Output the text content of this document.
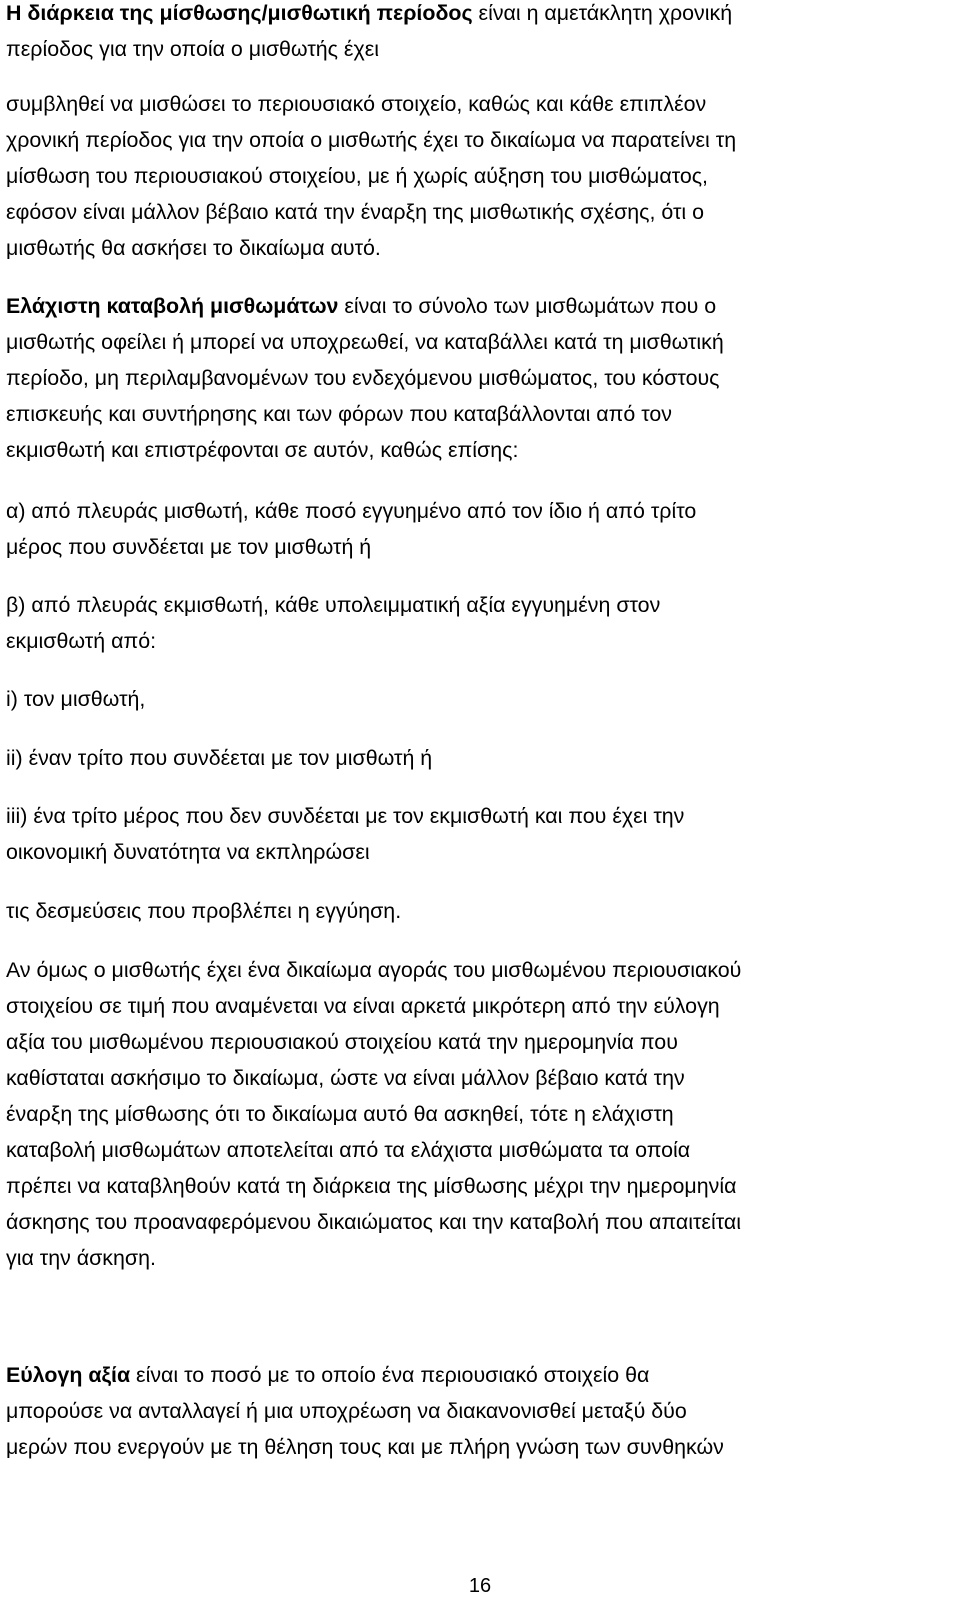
Η διάρκεια της μίσθωσης/μισθωτική περίοδος είναι η αμετάκλητη χρονική
περίοδος για την οποία ο μισθωτής έχει
συμβληθεί να μισθώσει το περιουσιακό στοιχείο, καθώς και κάθε επιπλέον
χρονική περίοδος για την οποία ο μισθωτής έχει το δικαίωμα να παρατείνει τη
μίσθωση του περιουσιακού στοιχείου, με ή χωρίς αύξηση του μισθώματος,
εφόσον είναι μάλλον βέβαιο κατά την έναρξη της μισθωτικής σχέσης, ότι ο
μισθωτής θα ασκήσει το δικαίωμα αυτό.

Ελάχιστη καταβολή μισθωμάτων είναι το σύνολο των μισθωμάτων που ο
μισθωτής οφείλει ή μπορεί να υποχρεωθεί, να καταβάλλει κατά τη μισθωτική
περίοδο, μη περιλαμβανομένων του ενδεχόμενου μισθώματος, του κόστους
επισκευής και συντήρησης και των φόρων που καταβάλλονται από τον
εκμισθωτή και επιστρέφονται σε αυτόν, καθώς επίσης:

α) από πλευράς μισθωτή, κάθε ποσό εγγυημένο από τον ίδιο ή από τρίτο
μέρος που συνδέεται με τον μισθωτή ή

β) από πλευράς εκμισθωτή, κάθε υπολειμματική αξία εγγυημένη στον
εκμισθωτή από:

i) τον μισθωτή,

ii) έναν τρίτο που συνδέεται με τον μισθωτή ή

iii) ένα τρίτο μέρος που δεν συνδέεται με τον εκμισθωτή και που έχει την
οικονομική δυνατότητα να εκπληρώσει

τις δεσμεύσεις που προβλέπει η εγγύηση.

Αν όμως ο μισθωτής έχει ένα δικαίωμα αγοράς του μισθωμένου περιουσιακού
στοιχείου σε τιμή που αναμένεται να είναι αρκετά μικρότερη από την εύλογη
αξία του μισθωμένου περιουσιακού στοιχείου κατά την ημερομηνία που
καθίσταται ασκήσιμο το δικαίωμα, ώστε να είναι μάλλον βέβαιο κατά την
έναρξη της μίσθωσης ότι το δικαίωμα αυτό θα ασκηθεί, τότε η ελάχιστη
καταβολή μισθωμάτων αποτελείται από τα ελάχιστα μισθώματα τα οποία
πρέπει να καταβληθούν κατά τη διάρκεια της μίσθωσης μέχρι την ημερομηνία
άσκησης του προαναφερόμενου δικαιώματος και την καταβολή που απαιτείται
για την άσκηση.

Εύλογη αξία είναι το ποσό με το οποίο ένα περιουσιακό στοιχείο θα
μπορούσε να ανταλλαγεί ή μια υποχρέωση να διακανονισθεί μεταξύ δύο
μερών που ενεργούν με τη θέληση τους και με πλήρη γνώση των συνθηκών

16
